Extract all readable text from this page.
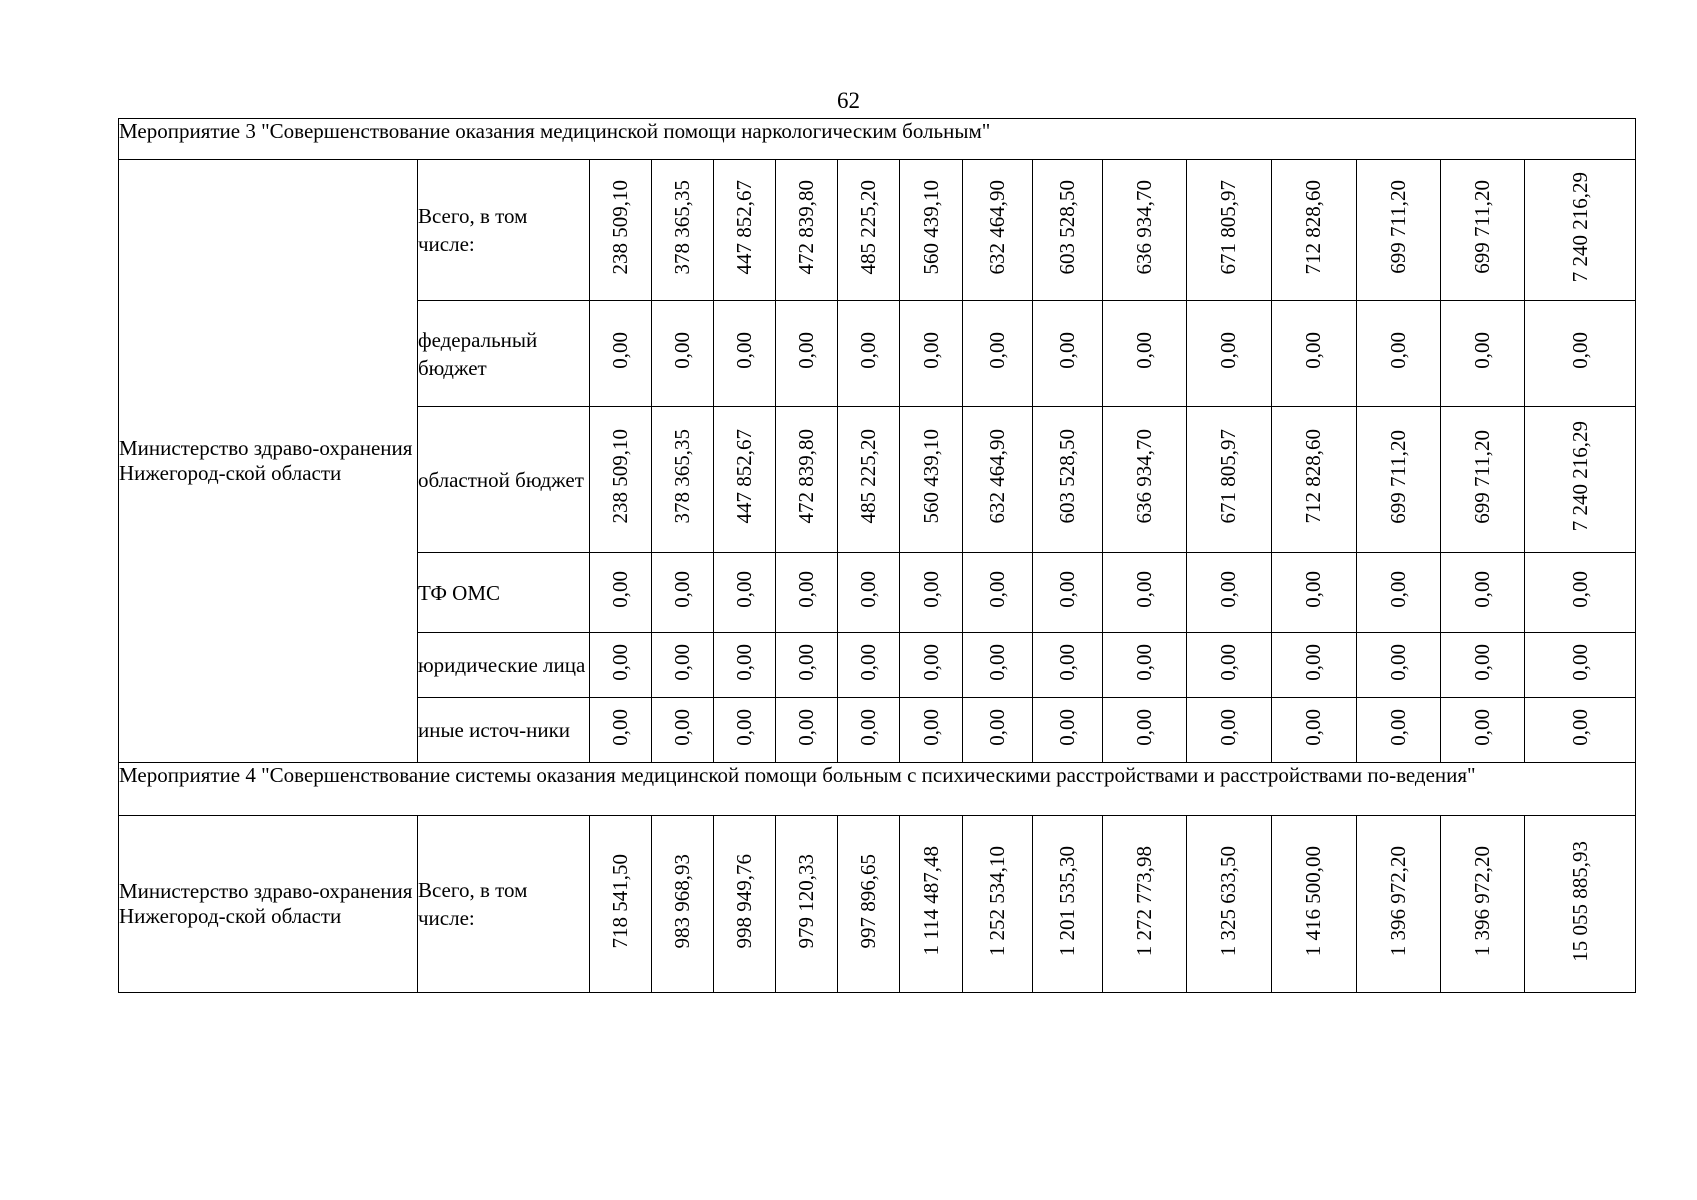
62
Мероприятие 3 "Совершенствование оказания медицинской помощи наркологическим больным"															
Министерство здраво-охранения Нижегород-ской области	Всего, в том числе:	238 509,10	378 365,35	447 852,67	472 839,80	485 225,20	560 439,10	632 464,90	603 528,50	636 934,70	671 805,97	712 828,60	699 711,20	699 711,20	7 240 216,29
	федеральный бюджет	0,00	0,00	0,00	0,00	0,00	0,00	0,00	0,00	0,00	0,00	0,00	0,00	0,00	0,00
	областной бюджет	238 509,10	378 365,35	447 852,67	472 839,80	485 225,20	560 439,10	632 464,90	603 528,50	636 934,70	671 805,97	712 828,60	699 711,20	699 711,20	7 240 216,29
	ТФ ОМС	0,00	0,00	0,00	0,00	0,00	0,00	0,00	0,00	0,00	0,00	0,00	0,00	0,00	0,00
	юридические лица	0,00	0,00	0,00	0,00	0,00	0,00	0,00	0,00	0,00	0,00	0,00	0,00	0,00	0,00
	иные источ-ники	0,00	0,00	0,00	0,00	0,00	0,00	0,00	0,00	0,00	0,00	0,00	0,00	0,00	0,00
Мероприятие 4 "Совершенствование системы оказания медицинской помощи больным с психическими расстройствами и расстройствами по-ведения"															
Министерство здраво-охранения Нижегород-ской области	Всего, в том числе:	718 541,50	983 968,93	998 949,76	979 120,33	997 896,65	1 114 487,48	1 252 534,10	1 201 535,30	1 272 773,98	1 325 633,50	1 416 500,00	1 396 972,20	1 396 972,20	15 055 885,93
